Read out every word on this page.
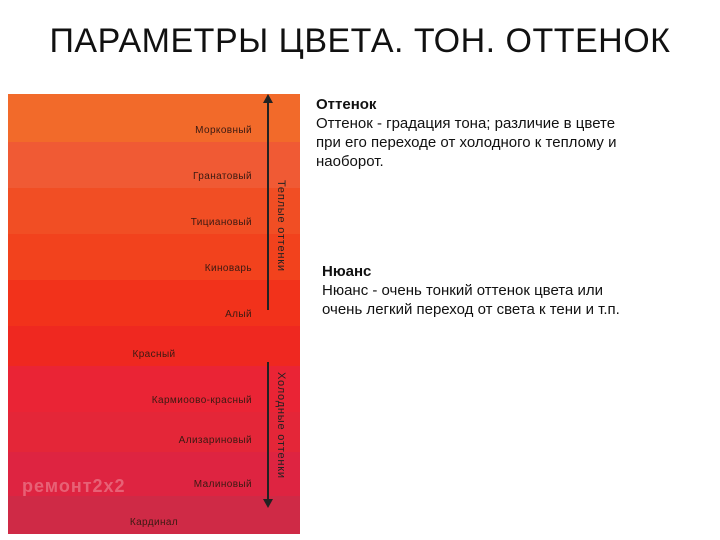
ПАРАМЕТРЫ ЦВЕТА. ТОН. ОТТЕНОК
Морковный
Гранатовый
Тициановый
Киноварь
Алый
Красный
Кармиоово-красный
Ализариновый
Малиновый
Кардинал
ремонт2x2
Теплые оттенки
Холодные оттенки
Оттенок
Оттенок - градация тона; различие в цвете
при его переходе от холодного к теплому и
наоборот.
Нюанс
Нюанс - очень тонкий оттенок цвета или
очень легкий переход от света к тени и т.п.
